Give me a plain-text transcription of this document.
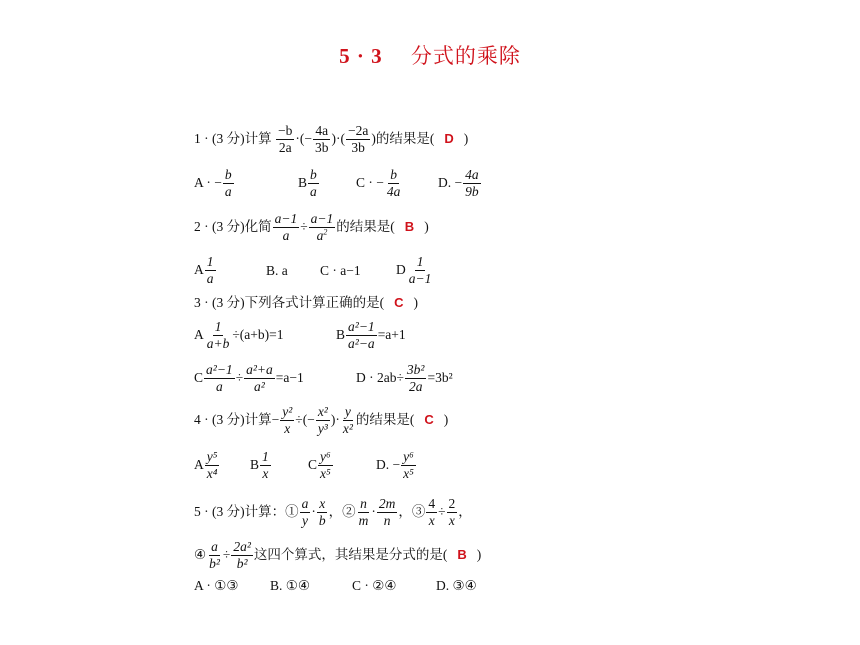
5 · 3 分式的乘除
1 · (3 分)计算 $\frac{-b}{2a}$ ·(− $\frac{4a}{3b}$ )·( $\frac{-2a}{3b}$ )的结果是( D )
A · − $\frac{b}{a}$	B $\frac{b}{a}$	C · − $\frac{b}{4a}$	D. − $\frac{4a}{9b}$
2 · (3 分)化简 $\frac{a-1}{a} \div \frac{a-1}{a^2}$ 的结果是( B )
A $\frac{1}{a}$	B. a C · a−1	D $\frac{1}{a-1}$
3 · (3 分)下列各式计算正确的是( C )
A $\frac{1}{a+b} \div(a+b)=1$	B $\frac{\text{a²−1}}{\text{a²−a}} =a+1$
C $\frac{\text{a²−1}}{a} \div \frac{\text{a²+a}}{\text{a²}} =a-1$	$D \cdot 2ab\div \frac{\text{3b²}}{2a} =3b^2$
4 · (3 分)计算− $\frac{\text{y²}}{x}$ ÷(− $\frac{\text{x²}}{\text{y³}}$ )· $\frac{y}{\text{x²}}$ 的结果是( C )
A $\frac{\text{y⁵}}{\text{x⁴}}$ B $\frac{1}{x}$	C $\frac{\text{y⁶}}{\text{x⁵}}$	D. − $\frac{\text{y⁶}}{\text{x⁵}}$
5 · (3 分)计算：① $\frac{a}{y} \cdot \frac{x}{b}$ ，② $\frac{n}{m} \cdot \frac{2m}{n}$ ，③ $\frac{4}{x} \div \frac{2}{x}$ ，
④ $\frac{a}{\text{b²}} \div \frac{\text{2a²}}{\text{b²}}$ 这四个算式，其结果是分式的是( B )
A · ①③ B. ①④	C · ②④	D. ③④
